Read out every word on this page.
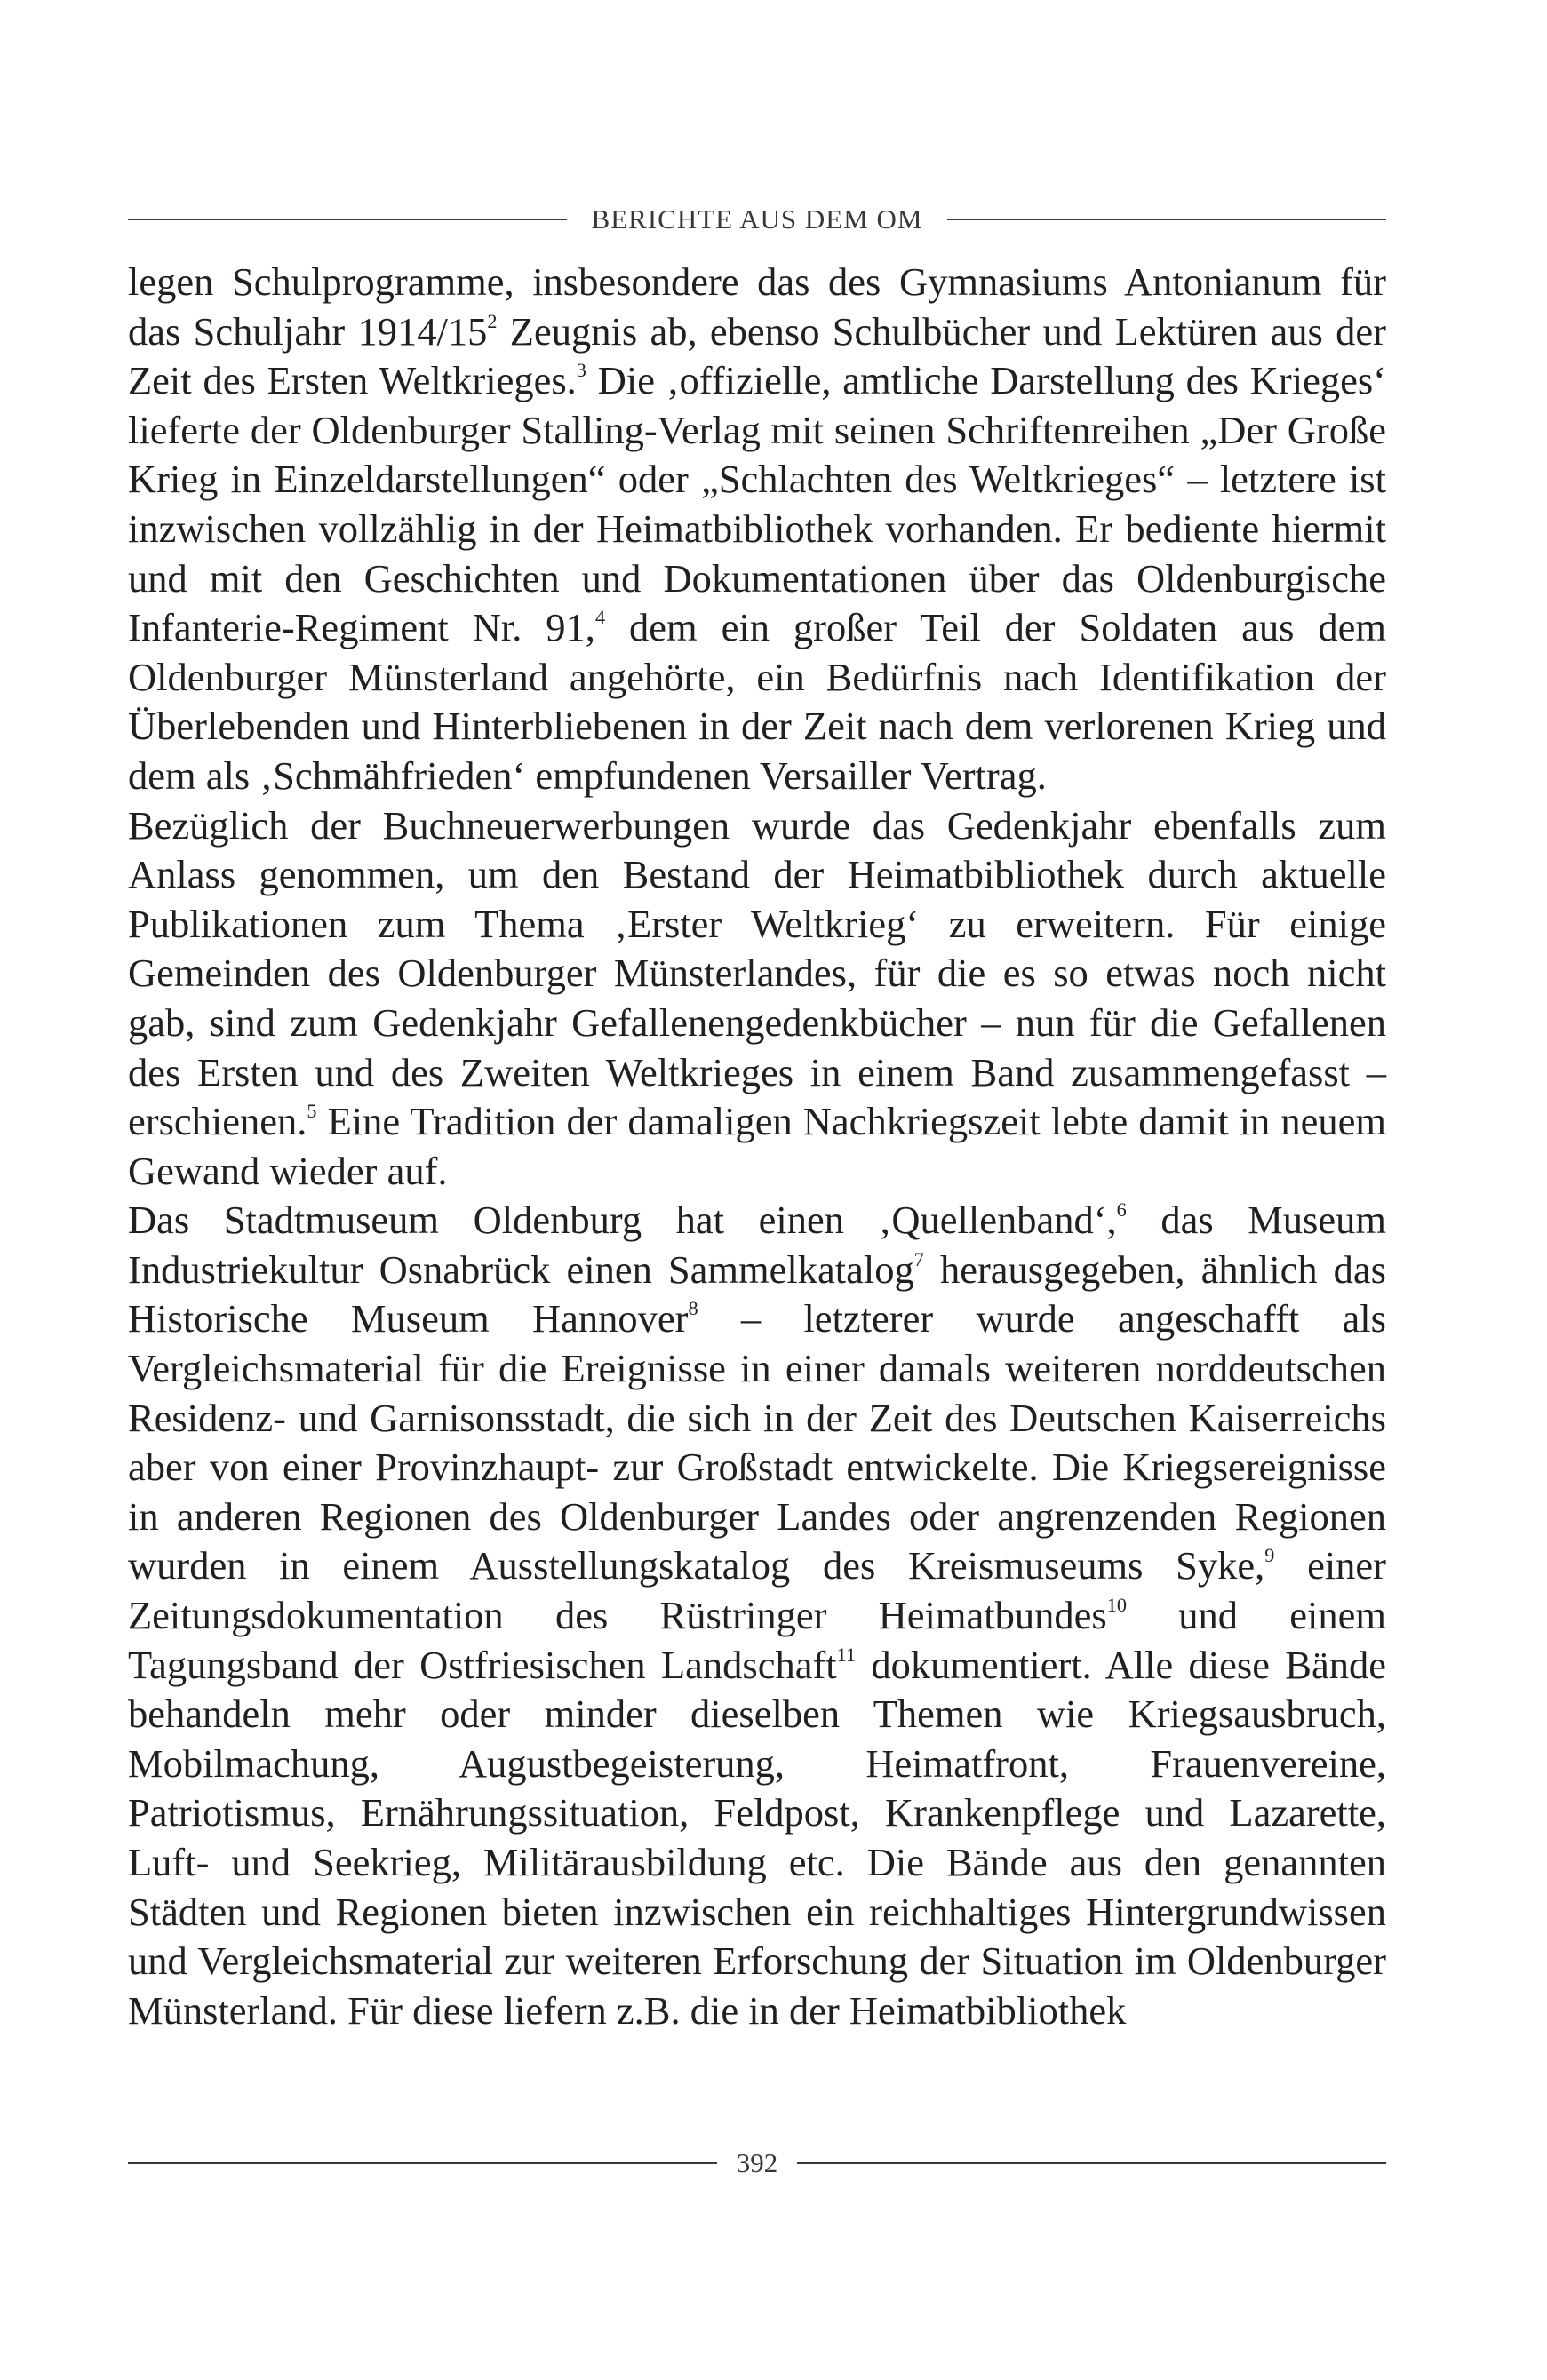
BERICHTE AUS DEM OM

legen Schulprogramme, insbesondere das des Gymnasiums Antonianum für das Schuljahr 1914/15$^2$ Zeugnis ab, ebenso Schulbücher und Lektüren aus der Zeit des Ersten Weltkrieges.$^3$ Die ‚offizielle, amtliche Darstellung des Krieges‘ lieferte der Oldenburger Stalling-Verlag mit seinen Schriftenreihen „Der Große Krieg in Einzeldarstellungen“ oder „Schlachten des Weltkrieges“ – letztere ist inzwischen vollzählig in der Heimatbibliothek vorhanden. Er bediente hiermit und mit den Geschichten und Dokumentationen über das Oldenburgische Infanterie-Regiment Nr. 91,$^4$ dem ein großer Teil der Soldaten aus dem Oldenburger Münsterland angehörte, ein Bedürfnis nach Identifikation der Überlebenden und Hinterbliebenen in der Zeit nach dem verlorenen Krieg und dem als ‚Schmähfrieden‘ empfundenen Versailler Vertrag.

Bezüglich der Buchneuerwerbungen wurde das Gedenkjahr ebenfalls zum Anlass genommen, um den Bestand der Heimatbibliothek durch aktuelle Publikationen zum Thema ‚Erster Weltkrieg‘ zu erweitern. Für einige Gemeinden des Oldenburger Münsterlandes, für die es so etwas noch nicht gab, sind zum Gedenkjahr Gefallenengedenkbücher – nun für die Gefallenen des Ersten und des Zweiten Weltkrieges in einem Band zusammengefasst – erschienen.$^5$ Eine Tradition der damaligen Nachkriegszeit lebte damit in neuem Gewand wieder auf.

Das Stadtmuseum Oldenburg hat einen ‚Quellenband‘,$^6$ das Museum Industriekultur Osnabrück einen Sammelkatalog$^7$ herausgegeben, ähnlich das Historische Museum Hannover$^8$ – letzterer wurde angeschafft als Vergleichsmaterial für die Ereignisse in einer damals weiteren norddeutschen Residenz- und Garnisonsstadt, die sich in der Zeit des Deutschen Kaiserreichs aber von einer Provinzhaupt- zur Großstadt entwickelte. Die Kriegsereignisse in anderen Regionen des Oldenburger Landes oder angrenzenden Regionen wurden in einem Ausstellungskatalog des Kreismuseums Syke,$^9$ einer Zeitungsdokumentation des Rüstringer Heimatbundes$^{10}$ und einem Tagungsband der Ostfriesischen Landschaft$^{11}$ dokumentiert. Alle diese Bände behandeln mehr oder minder dieselben Themen wie Kriegsausbruch, Mobilmachung, Augustbegeisterung, Heimatfront, Frauenvereine, Patriotismus, Ernährungssituation, Feldpost, Krankenpflege und Lazarette, Luft- und Seekrieg, Militärausbildung etc. Die Bände aus den genannten Städten und Regionen bieten inzwischen ein reichhaltiges Hintergrundwissen und Vergleichsmaterial zur weiteren Erforschung der Situation im Oldenburger Münsterland. Für diese liefern z.B. die in der Heimatbibliothek

392
